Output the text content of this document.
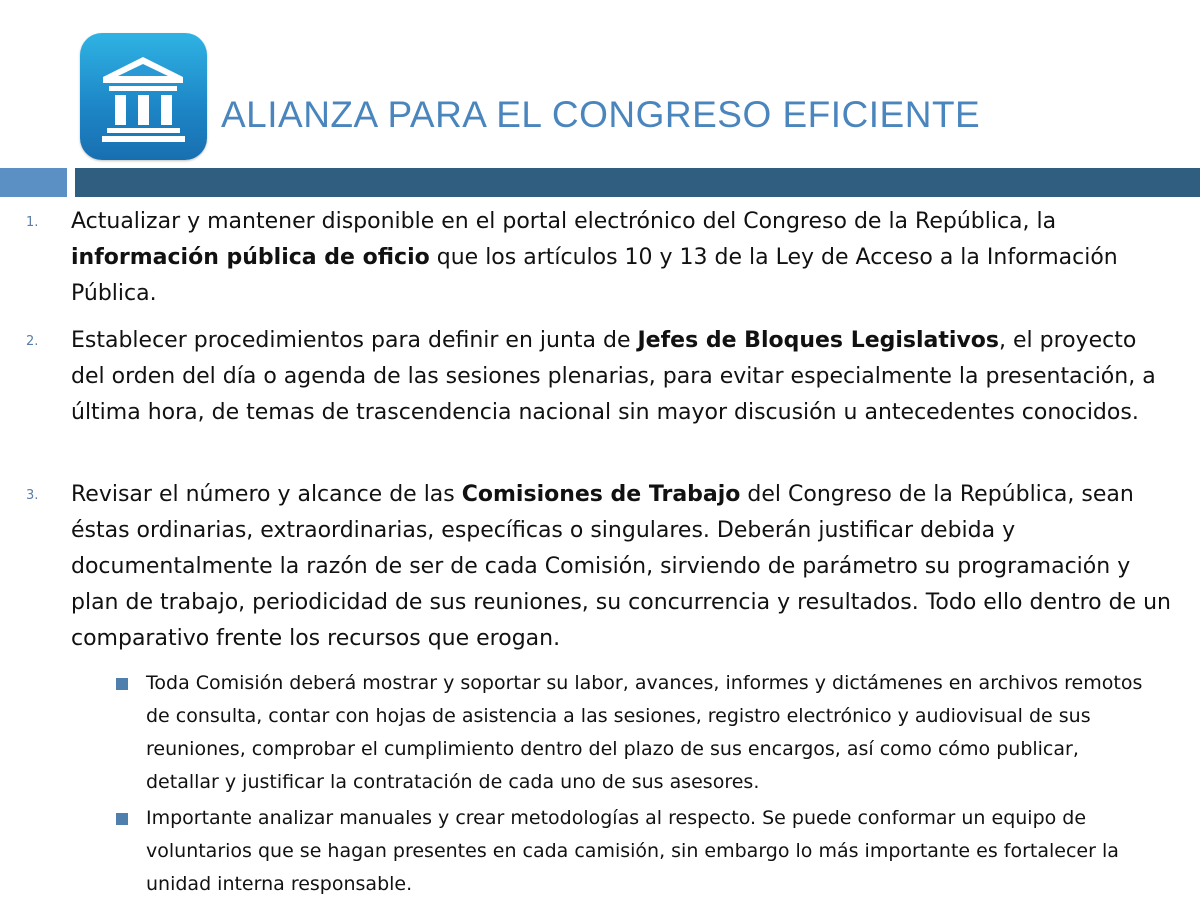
ALIANZA PARA EL CONGRESO EFICIENTE
1. Actualizar y mantener disponible en el portal electrónico del Congreso de la República, la información pública de oficio que los artículos 10 y 13 de la Ley de Acceso a la Información Pública.
2. Establecer procedimientos para definir en junta de Jefes de Bloques Legislativos, el proyecto del orden del día o agenda de las sesiones plenarias, para evitar especialmente la presentación, a última hora, de temas de trascendencia nacional sin mayor discusión u antecedentes conocidos.
3. Revisar el número y alcance de las Comisiones de Trabajo del Congreso de la República, sean éstas ordinarias, extraordinarias, específicas o singulares. Deberán justificar debida y documentalmente la razón de ser de cada Comisión, sirviendo de parámetro su programación y plan de trabajo, periodicidad de sus reuniones, su concurrencia y resultados. Todo ello dentro de un comparativo frente los recursos que erogan.
Toda Comisión deberá mostrar y soportar su labor, avances, informes y dictámenes en archivos remotos de consulta, contar con hojas de asistencia a las sesiones, registro electrónico y audiovisual de sus reuniones, comprobar el cumplimiento dentro del plazo de sus encargos, así como cómo publicar, detallar y justificar la contratación de cada uno de sus asesores.
Importante analizar manuales y crear metodologías al respecto. Se puede conformar un equipo de voluntarios que se hagan presentes en cada camisión, sin embargo lo más importante es fortalecer la unidad interna responsable.
